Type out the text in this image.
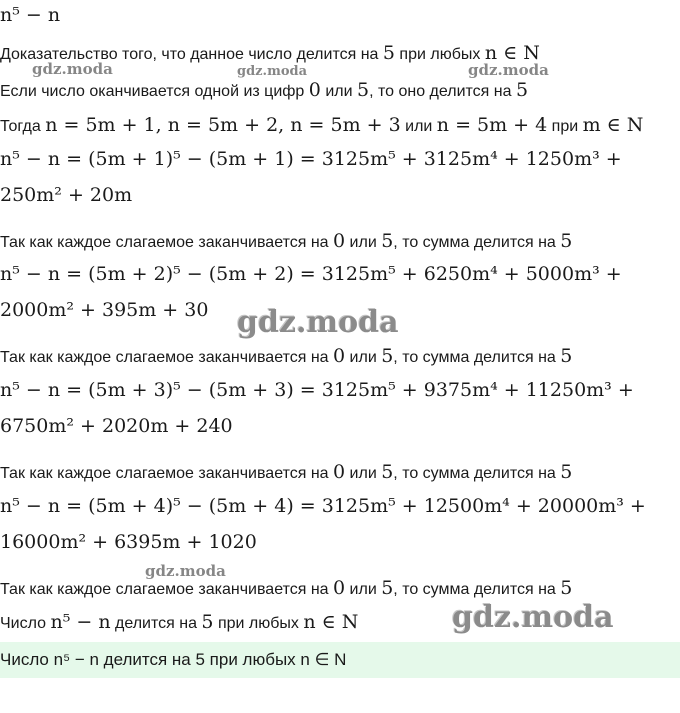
n⁵ − n
Доказательство того, что данное число делится на 5 при любых n ∈ N
Если число оканчивается одной из цифр 0 или 5, то оно делится на 5
Тогда n = 5m + 1, n = 5m + 2, n = 5m + 3 или n = 5m + 4 при m ∈ N
n⁵ − n = (5m + 1)⁵ − (5m + 1) = 3125m⁵ + 3125m⁴ + 1250m³ +
250m² + 20m
Так как каждое слагаемое заканчивается на 0 или 5, то сумма делится на 5
n⁵ − n = (5m + 2)⁵ − (5m + 2) = 3125m⁵ + 6250m⁴ + 5000m³ +
2000m² + 395m + 30
Так как каждое слагаемое заканчивается на 0 или 5, то сумма делится на 5
n⁵ − n = (5m + 3)⁵ − (5m + 3) = 3125m⁵ + 9375m⁴ + 11250m³ +
6750m² + 2020m + 240
Так как каждое слагаемое заканчивается на 0 или 5, то сумма делится на 5
n⁵ − n = (5m + 4)⁵ − (5m + 4) = 3125m⁵ + 12500m⁴ + 20000m³ +
16000m² + 6395m + 1020
Так как каждое слагаемое заканчивается на 0 или 5, то сумма делится на 5
Число n⁵ − n делится на 5 при любых n ∈ N
Число n⁵ − n делится на 5 при любых n ∈ N
gdz.moda	gdz.moda	gdz.moda
gdz.moda
gdz.moda
gdz.moda
